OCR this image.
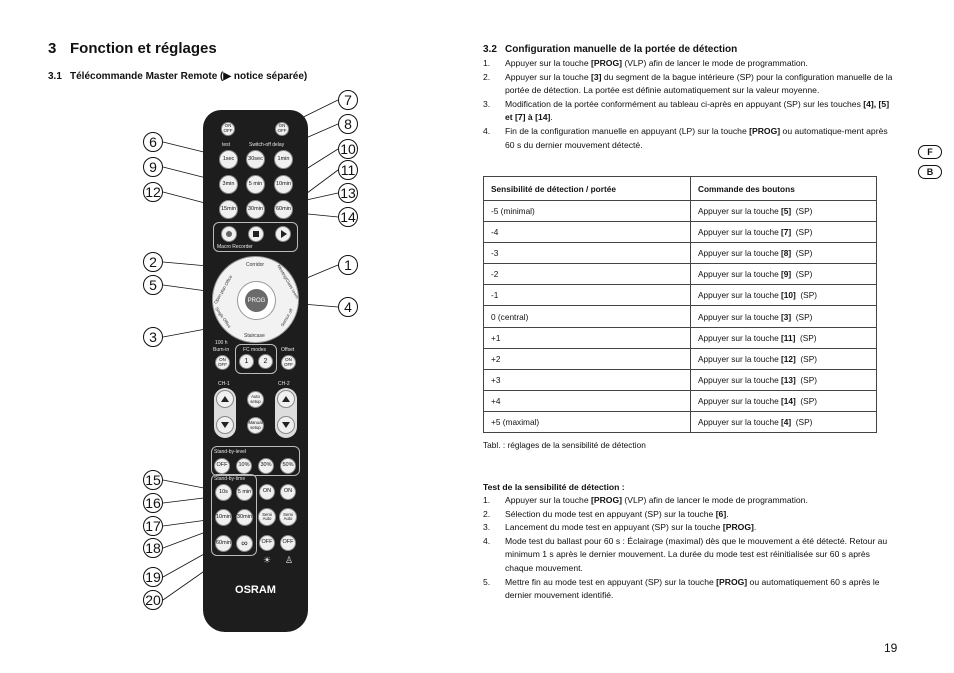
3 Fonction et réglages
3.1 Télécommande Master Remote (▶ notice séparée)
7
6
8
10
9	11
12	13
14
2	1
5
4
3
15
16
17
18
19
20
ON
OFF
ON
OFF
test	Switch-off delay
1sec	30sec	1min
3min	5 min	10min
15min	30min	60min
Macro Recorder
Corridor	Meeting/Class room
Open plan Office
Single Office	Sensor off
Staircase
PROG
100 h
Burn-in	FC modes	Offset
ON
OFF	1	2	ON
OFF
CH-1	CH-2
Auto setup
Manual setup
Stand-by-level
OFF	10%	30%	50%
Stand-by-time
10s	5 min
10min 30min
60min	∞
ON	ON
Semi Auto
Semi Auto
OFF	OFF
☀ ♙
OSRAM
3.2 Configuration manuelle de la portée de détection
1. Appuyer sur la touche [PROG] (VLP) afin de lancer le mode de programmation.
2. Appuyer sur la touche [3] du segment de la bague intérieure (SP) pour la configuration manuelle de la portée de détection. La portée est définie automatiquement sur la valeur moyenne.
3. Modification de la portée conformément au tableau ci-après en appuyant (SP) sur les touches [4], [5] et [7] à [14].
4. Fin de la configuration manuelle en appuyant (LP) sur la touche [PROG] ou automatique-ment après 60 s du dernier mouvement détecté.
Sensibilité de détection / portée	Commande des boutons
-5 (minimal)	Appuyer sur la touche [5]  (SP)
-4	Appuyer sur la touche [7]  (SP)
-3	Appuyer sur la touche [8]  (SP)
-2	Appuyer sur la touche [9]  (SP)
-1	Appuyer sur la touche [10]  (SP)
0 (central)	Appuyer sur la touche [3]  (SP)
+1	Appuyer sur la touche [11]  (SP)
+2	Appuyer sur la touche [12]  (SP)
+3	Appuyer sur la touche [13]  (SP)
+4	Appuyer sur la touche [14]  (SP)
+5 (maximal)	Appuyer sur la touche [4]  (SP)
Tabl. : réglages de la sensibilité de détection
Test de la sensibilité de détection :
1. Appuyer sur la touche [PROG] (VLP) afin de lancer le mode de programmation.
2. Sélection du mode test en appuyant (SP) sur la touche [6].
3. Lancement du mode test en appuyant (SP) sur la touche [PROG].
4. Mode test du ballast pour 60 s : Éclairage (maximal) dès que le mouvement a été détecté. Retour au minimum 1 s après le dernier mouvement. La durée du mode test est réinitialisée sur 60 s après chaque mouvement.
5. Mettre fin au mode test en appuyant (SP) sur la touche [PROG] ou automatiquement 60 s après le dernier mouvement identifié.
F
B
19
